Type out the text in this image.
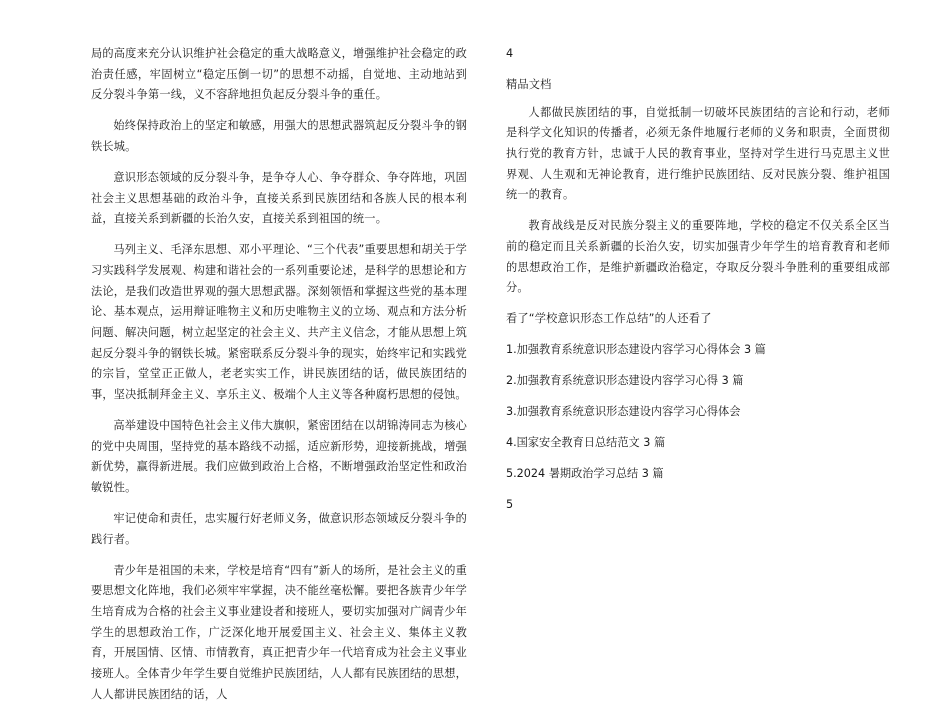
局的高度来充分认识维护社会稳定的重大战略意义，增强维护社会稳定的政治责任感，牢固树立“稳定压倒一切”的思想不动摇，自觉地、主动地站到反分裂斗争第一线，义不容辞地担负起反分裂斗争的重任。

始终保持政治上的坚定和敏感，用强大的思想武器筑起反分裂斗争的钢铁长城。

意识形态领域的反分裂斗争，是争夺人心、争夺群众、争夺阵地，巩固社会主义思想基础的政治斗争，直接关系到民族团结和各族人民的根本利益，直接关系到新疆的长治久安，直接关系到祖国的统一。

马列主义、毛泽东思想、邓小平理论、“三个代表”重要思想和胡关于学习实践科学发展观、构建和谐社会的一系列重要论述，是科学的思想论和方法论，是我们改造世界观的强大思想武器。深刻领悟和掌握这些党的基本理论、基本观点，运用辩证唯物主义和历史唯物主义的立场、观点和方法分析问题、解决问题，树立起坚定的社会主义、共产主义信念，才能从思想上筑起反分裂斗争的钢铁长城。紧密联系反分裂斗争的现实，始终牢记和实践党的宗旨，堂堂正正做人，老老实实工作，讲民族团结的话，做民族团结的事，坚决抵制拜金主义、享乐主义、极端个人主义等各种腐朽思想的侵蚀。

高举建设中国特色社会主义伟大旗帜，紧密团结在以胡锦涛同志为核心的党中央周围，坚持党的基本路线不动摇，适应新形势，迎接新挑战，增强新优势，赢得新进展。我们应做到政治上合格，不断增强政治坚定性和政治敏锐性。

牢记使命和责任，忠实履行好老师义务，做意识形态领域反分裂斗争的践行者。

青少年是祖国的未来，学校是培育“四有”新人的场所，是社会主义的重要思想文化阵地，我们必须牢牢掌握，决不能丝毫松懈。要把各族青少年学生培育成为合格的社会主义事业建设者和接班人，要切实加强对广阔青少年学生的思想政治工作，广泛深化地开展爱国主义、社会主义、集体主义教育，开展国情、区情、市情教育，真正把青少年一代培育成为社会主义事业接班人。全体青少年学生要自觉维护民族团结，人人都有民族团结的思想，人人都讲民族团结的话，人

4

精品文档

人都做民族团结的事，自觉抵制一切破坏民族团结的言论和行动，老师是科学文化知识的传播者，必须无条件地履行老师的义务和职责，全面贯彻执行党的教育方针，忠诚于人民的教育事业，坚持对学生进行马克思主义世界观、人生观和无神论教育，进行维护民族团结、反对民族分裂、维护祖国统一的教育。

教育战线是反对民族分裂主义的重要阵地，学校的稳定不仅关系全区当前的稳定而且关系新疆的长治久安，切实加强青少年学生的培育教育和老师的思想政治工作，是维护新疆政治稳定，夺取反分裂斗争胜利的重要组成部分。

看了“学校意识形态工作总结”的人还看了

1.加强教育系统意识形态建设内容学习心得体会 3 篇
2.加强教育系统意识形态建设内容学习心得 3 篇
3.加强教育系统意识形态建设内容学习心得体会
4.国家安全教育日总结范文 3 篇
5.2024 暑期政治学习总结 3 篇
5
